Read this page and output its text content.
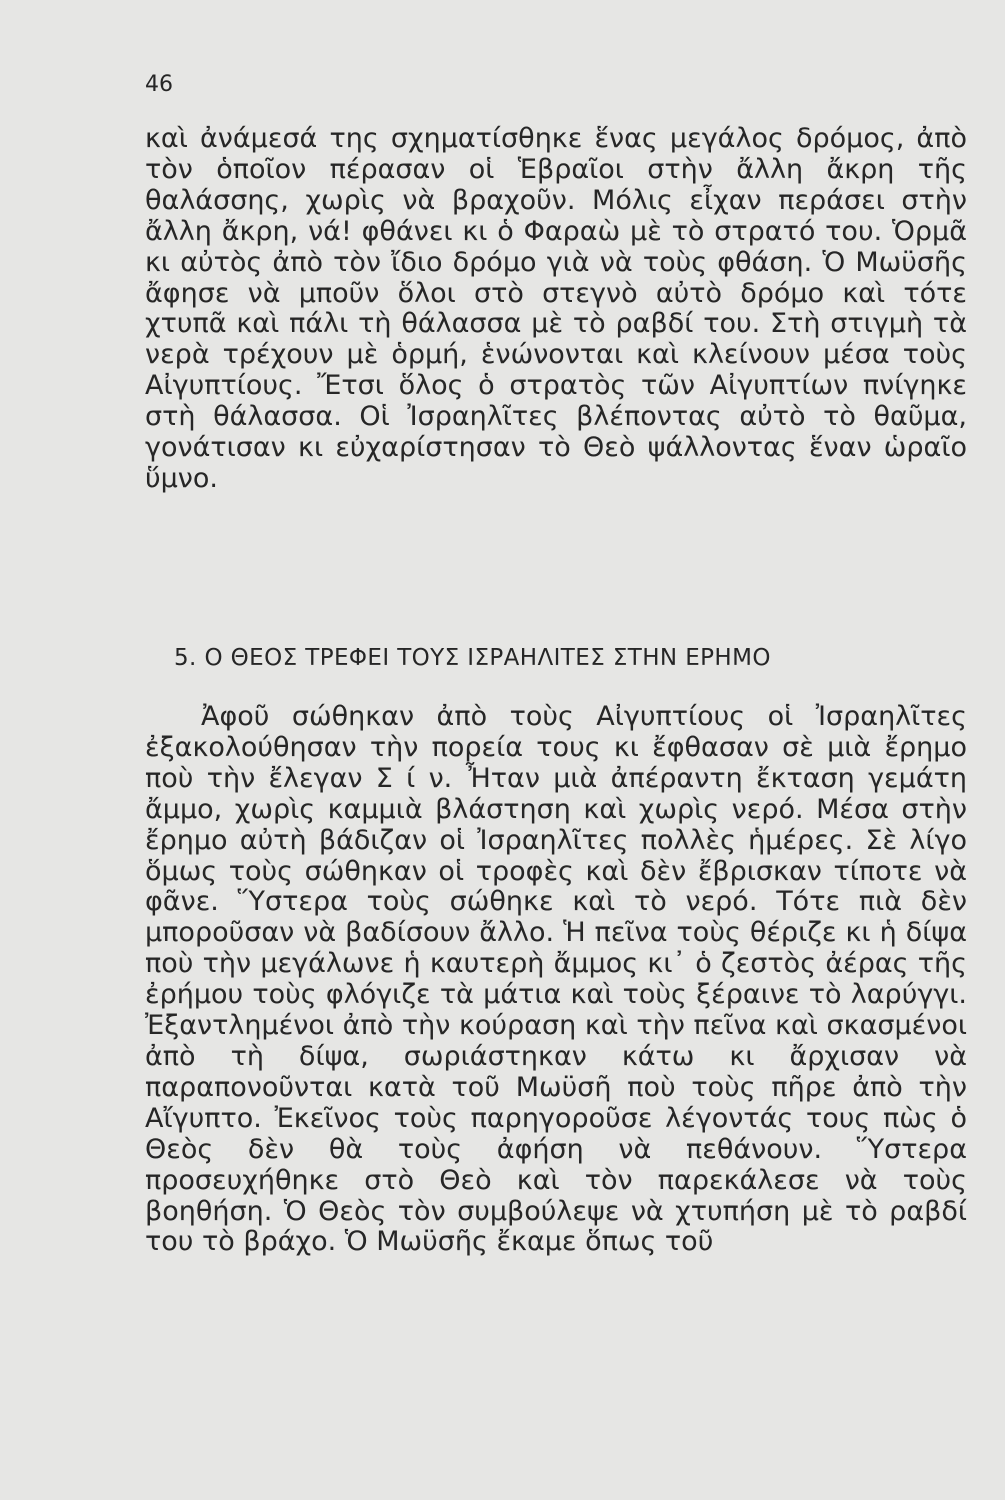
46

καὶ ἀνάμεσά της σχηματίσθηκε ἕνας μεγάλος δρόμος, ἀπὸ τὸν ὁποῖον πέρασαν οἱ Ἑβραῖοι στὴν ἄλλη ἄκρη τῆς θαλάσσης, χωρὶς νὰ βραχοῦν. Μόλις εἶχαν περάσει στὴν ἄλλη ἄκρη, νά! φθάνει κι ὁ Φαραὼ μὲ τὸ στρατό του. Ὁρμᾶ κι αὐτὸς ἀπὸ τὸν ἴδιο δρόμο γιὰ νὰ τοὺς φθάση. Ὁ Μωϋσῆς ἄφησε νὰ μποῦν ὅλοι στὸ στεγνὸ αὐτὸ δρόμο καὶ τότε χτυπᾶ καὶ πάλι τὴ θάλασσα μὲ τὸ ραβδί του. Στὴ στιγμὴ τὰ νερὰ τρέχουν μὲ ὁρμή, ἑνώνονται καὶ κλείνουν μέσα τοὺς Αἰγυπτίους. Ἔτσι ὅλος ὁ στρατὸς τῶν Αἰγυπτίων πνίγηκε στὴ θάλασσα. Οἱ Ἰσραηλῖτες βλέποντας αὐτὸ τὸ θαῦμα, γονάτισαν κι εὐχαρίστησαν τὸ Θεὸ ψάλλοντας ἕναν ὡραῖο ὕμνο.

5. Ο ΘΕΟΣ ΤΡΕΦΕΙ ΤΟΥΣ ΙΣΡΑΗΛΙΤΕΣ ΣΤΗΝ ΕΡΗΜΟ

Ἀφοῦ σώθηκαν ἀπὸ τοὺς Αἰγυπτίους οἱ Ἰσραηλῖτες ἐξακολούθησαν τὴν πορεία τους κι ἔφθασαν σὲ μιὰ ἔρημο ποὺ τὴν ἔλεγαν Σ ί ν. Ἦταν μιὰ ἀπέραντη ἔκταση γεμάτη ἄμμο, χωρὶς καμμιὰ βλάστηση καὶ χωρὶς νερό. Μέσα στὴν ἔρημο αὐτὴ βάδιζαν οἱ Ἰσραηλῖτες πολλὲς ἡμέρες. Σὲ λίγο ὅμως τοὺς σώθηκαν οἱ τροφὲς καὶ δὲν ἔβρισκαν τίποτε νὰ φᾶνε. Ὕστερα τοὺς σώθηκε καὶ τὸ νερό. Τότε πιὰ δὲν μποροῦσαν νὰ βαδίσουν ἄλλο. Ἡ πεῖνα τοὺς θέριζε κι ἡ δίψα ποὺ τὴν μεγάλωνε ἡ καυτερὴ ἄμμος κι᾽ ὁ ζεστὸς ἀέρας τῆς ἐρήμου τοὺς φλόγιζε τὰ μάτια καὶ τοὺς ξέραινε τὸ λαρύγγι. Ἐξαντλημένοι ἀπὸ τὴν κούραση καὶ τὴν πεῖνα καὶ σκασμένοι ἀπὸ τὴ δίψα, σωριάστηκαν κάτω κι ἄρχισαν νὰ παραπονοῦνται κατὰ τοῦ Μωϋσῆ ποὺ τοὺς πῆρε ἀπὸ τὴν Αἴγυπτο. Ἐκεῖνος τοὺς παρηγοροῦσε λέγοντάς τους πὼς ὁ Θεὸς δὲν θὰ τοὺς ἀφήση νὰ πεθάνουν. Ὕστερα προσευχήθηκε στὸ Θεὸ καὶ τὸν παρεκάλεσε νὰ τοὺς βοηθήση. Ὁ Θεὸς τὸν συμβούλεψε νὰ χτυπήση μὲ τὸ ραβδί του τὸ βράχο. Ὁ Μωϋσῆς ἔκαμε ὅπως τοῦ
